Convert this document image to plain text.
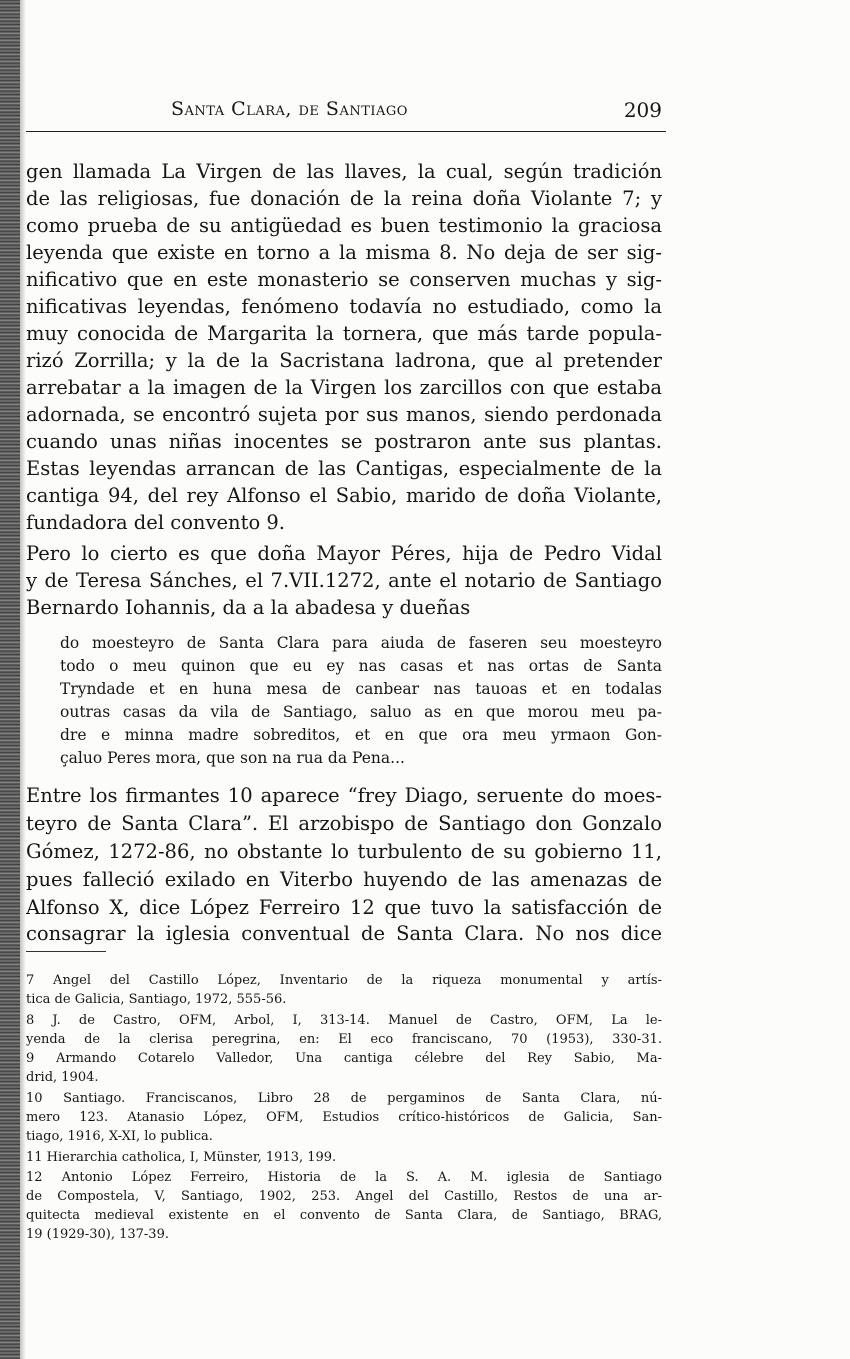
Santa Clara, de Santiago	209
gen llamada La Virgen de las llaves, la cual, según tradición
de las religiosas, fue donación de la reina doña Violante 7; y
como prueba de su antigüedad es buen testimonio la graciosa
leyenda que existe en torno a la misma 8. No deja de ser sig-
nificativo que en este monasterio se conserven muchas y sig-
nificativas leyendas, fenómeno todavía no estudiado, como la
muy conocida de Margarita la tornera, que más tarde popula-
rizó Zorrilla; y la de la Sacristana ladrona, que al pretender
arrebatar a la imagen de la Virgen los zarcillos con que estaba
adornada, se encontró sujeta por sus manos, siendo perdonada
cuando unas niñas inocentes se postraron ante sus plantas.
Estas leyendas arrancan de las Cantigas, especialmente de la
cantiga 94, del rey Alfonso el Sabio, marido de doña Violante,
fundadora del convento 9.
Pero lo cierto es que doña Mayor Péres, hija de Pedro Vidal
y de Teresa Sánches, el 7.VII.1272, ante el notario de Santiago
Bernardo Iohannis, da a la abadesa y dueñas
do moesteyro de Santa Clara para aiuda de faseren seu moesteyro
todo o meu quinon que eu ey nas casas et nas ortas de Santa
Tryndade et en huna mesa de canbear nas tauoas et en todalas
outras casas da vila de Santiago, saluo as en que morou meu pa-
dre e minna madre sobreditos, et en que ora meu yrmaon Gon-
çaluo Peres mora, que son na rua da Pena...
Entre los firmantes 10 aparece “frey Diago, seruente do moes-
teyro de Santa Clara”. El arzobispo de Santiago don Gonzalo
Gómez, 1272-86, no obstante lo turbulento de su gobierno 11,
pues falleció exilado en Viterbo huyendo de las amenazas de
Alfonso X, dice López Ferreiro 12 que tuvo la satisfacción de
consagrar la iglesia conventual de Santa Clara. No nos dice
7 Angel del Castillo López, Inventario de la riqueza monumental y artís-
tica de Galicia, Santiago, 1972, 555-56.
8 J. de Castro, OFM, Arbol, I, 313-14. Manuel de Castro, OFM, La le-
yenda de la clerisa peregrina, en: El eco franciscano, 70 (1953), 330-31.
9 Armando Cotarelo Valledor, Una cantiga célebre del Rey Sabio, Ma-
drid, 1904.
10 Santiago. Franciscanos, Libro 28 de pergaminos de Santa Clara, nú-
mero 123. Atanasio López, OFM, Estudios crítico-históricos de Galicia, San-
tiago, 1916, X-XI, lo publica.
11 Hierarchia catholica, I, Münster, 1913, 199.
12 Antonio López Ferreiro, Historia de la S. A. M. iglesia de Santiago
de Compostela, V, Santiago, 1902, 253. Angel del Castillo, Restos de una ar-
quitecta medieval existente en el convento de Santa Clara, de Santiago, BRAG,
19 (1929-30), 137-39.
